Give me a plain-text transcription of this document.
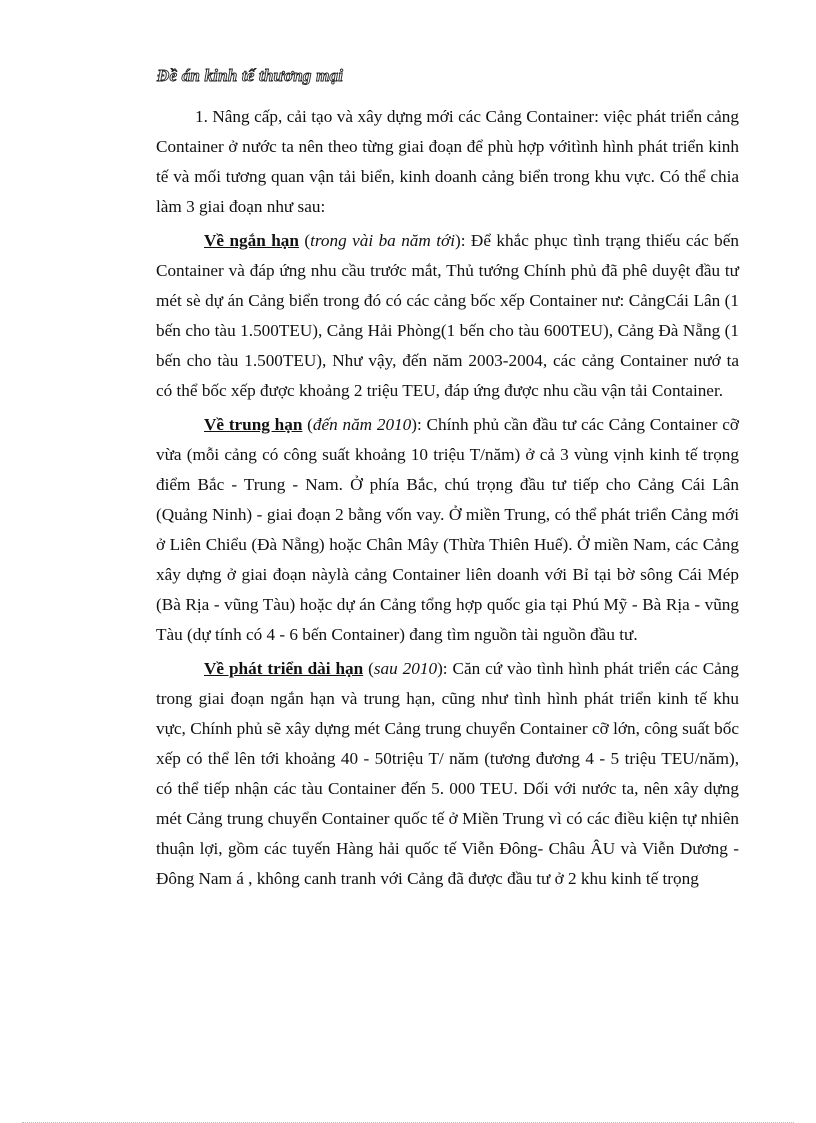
Đề án kinh tế thương mại

1. Nâng cấp, cải tạo và xây dựng mới các Cảng Container: việc phát triển cảng Container ở nước ta nên theo từng giai đoạn để phù hợp vớitình hình phát triển kinh tế và mối tương quan vận tải biển, kinh doanh cảng biển trong khu vực. Có thể chia làm 3 giai đoạn như sau:

Về ngắn hạn (trong vài ba năm tới): Để khắc phục tình trạng thiếu các bến Container và đáp ứng nhu cầu trước mắt, Thủ tướng Chính phủ đã phê duyệt đầu tư mét sè dự án Cảng biển trong đó có các cảng bốc xếp Container nư: CảngCái Lân (1 bến cho tàu 1.500TEU), Cảng Hải Phòng(1 bến cho tàu 600TEU), Cảng Đà Nẵng (1 bến cho tàu 1.500TEU), Như vậy, đến năm 2003-2004, các cảng Container nướ ta có thể bốc xếp được khoảng 2 triệu TEU, đáp ứng được nhu cầu vận tải Container.

Về trung hạn (đến năm 2010): Chính phủ cần đầu tư các Cảng Container cỡ vừa (mỗi cảng có công suất khoảng 10 triệu T/năm) ở cả 3 vùng vịnh kinh tế trọng điểm Bắc - Trung - Nam. Ở phía Bắc, chú trọng đầu tư tiếp cho Cảng Cái Lân (Quảng Ninh) - giai đoạn 2 bằng vốn vay. Ở miền Trung, có thể phát triển Cảng mới ở Liên Chiểu (Đà Nẵng) hoặc Chân Mây (Thừa Thiên Huế). Ở miền Nam, các Cảng xây dựng ở giai đoạn nàylà cảng Container liên doanh với Bỉ tại bờ sông Cái Mép (Bà Rịa - vũng Tàu) hoặc dự án Cảng tổng hợp quốc gia tại Phú Mỹ - Bà Rịa - vũng Tàu (dự tính có 4 - 6 bến Container) đang tìm nguồn tài nguồn đầu tư.

Về phát triển dài hạn (sau 2010): Căn cứ vào tình hình phát triển các Cảng trong giai đoạn ngắn hạn và trung hạn, cũng như tình hình phát triển kinh tế khu vực, Chính phủ sẽ xây dựng mét Cảng trung chuyển Container cỡ lớn, công suất bốc xếp có thể lên tới khoảng 40 - 50triệu T/ năm (tương đương 4 - 5 triệu TEU/năm), có thể tiếp nhận các tàu Container đến 5. 000 TEU. Dối với nước ta, nên xây dựng mét Cảng trung chuyển Container quốc tế ở Miền Trung vì có các điều kiện tự nhiên thuận lợi, gồm các tuyến Hàng hải quốc tế Viễn Đông- Châu ÂU và Viễn Dương - Đông Nam á , không canh tranh với Cảng đã được đầu tư ở 2 khu kinh tế trọng
